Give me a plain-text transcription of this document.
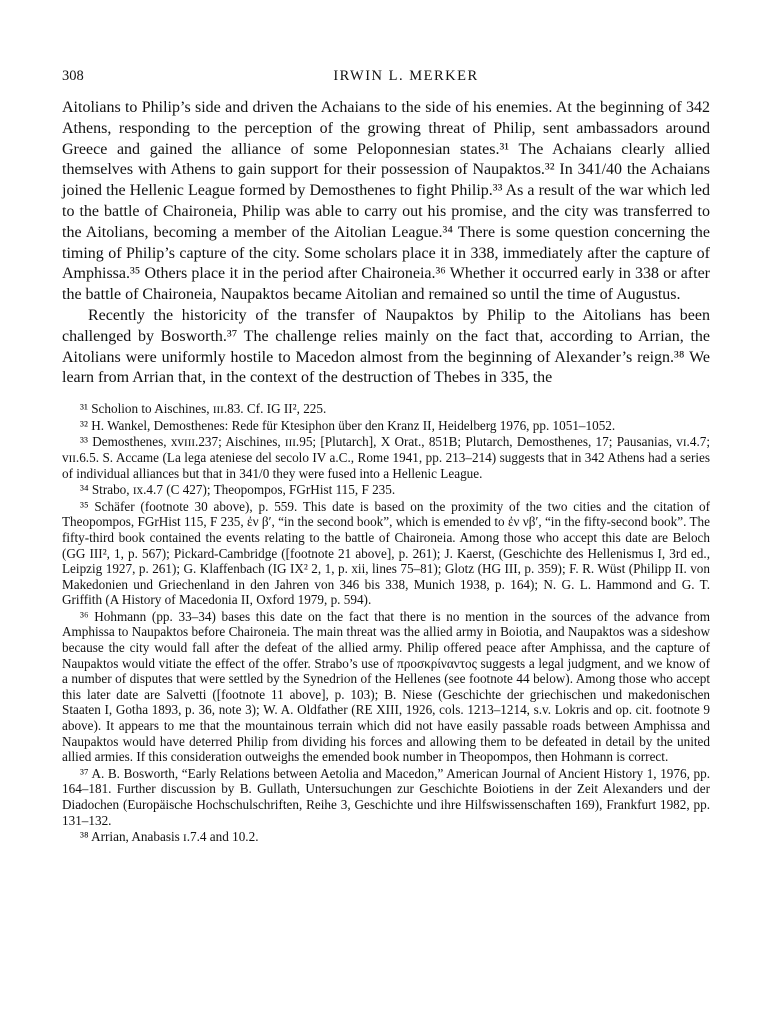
308	IRWIN L. MERKER

Aitolians to Philip’s side and driven the Achaians to the side of his enemies. At the beginning of 342 Athens, responding to the perception of the growing threat of Philip, sent ambassadors around Greece and gained the alliance of some Peloponnesian states.³¹ The Achaians clearly allied themselves with Athens to gain support for their possession of Naupaktos.³² In 341/40 the Achaians joined the Hellenic League formed by Demosthenes to fight Philip.³³ As a result of the war which led to the battle of Chaironeia, Philip was able to carry out his promise, and the city was transferred to the Aitolians, becoming a member of the Aitolian League.³⁴ There is some question concerning the timing of Philip’s capture of the city. Some scholars place it in 338, immediately after the capture of Amphissa.³⁵ Others place it in the period after Chaironeia.³⁶ Whether it occurred early in 338 or after the battle of Chaironeia, Naupaktos became Aitolian and remained so until the time of Augustus.

Recently the historicity of the transfer of Naupaktos by Philip to the Aitolians has been challenged by Bosworth.³⁷ The challenge relies mainly on the fact that, according to Arrian, the Aitolians were uniformly hostile to Macedon almost from the beginning of Alexander’s reign.³⁸ We learn from Arrian that, in the context of the destruction of Thebes in 335, the

³¹ Scholion to Aischines, ɪɪɪ.83. Cf. IG II², 225.

³² H. Wankel, Demosthenes: Rede für Ktesiphon über den Kranz II, Heidelberg 1976, pp. 1051–1052.

³³ Demosthenes, xᴠɪɪɪ.237; Aischines, ɪɪɪ.95; [Plutarch], X Orat., 851B; Plutarch, Demosthenes, 17; Pausanias, ᴠɪ.4.7; ᴠɪɪ.6.5. S. Accame (La lega ateniese del secolo IV a.C., Rome 1941, pp. 213–214) suggests that in 342 Athens had a series of individual alliances but that in 341/0 they were fused into a Hellenic League.

³⁴ Strabo, ɪx.4.7 (C 427); Theopompos, FGrHist 115, F 235.

³⁵ Schäfer (footnote 30 above), p. 559. This date is based on the proximity of the two cities and the citation of Theopompos, FGrHist 115, F 235, ἐν β′, “in the second book”, which is emended to ἐν νβ′, “in the fifty-second book”. The fifty-third book contained the events relating to the battle of Chaironeia. Among those who accept this date are Beloch (GG III², 1, p. 567); Pickard-Cambridge ([footnote 21 above], p. 261); J. Kaerst, (Geschichte des Hellenismus I, 3rd ed., Leipzig 1927, p. 261); G. Klaffenbach (IG IX² 2, 1, p. xii, lines 75–81); Glotz (HG III, p. 359); F. R. Wüst (Philipp II. von Makedonien und Griechenland in den Jahren von 346 bis 338, Munich 1938, p. 164); N. G. L. Hammond and G. T. Griffith (A History of Macedonia II, Oxford 1979, p. 594).

³⁶ Hohmann (pp. 33–34) bases this date on the fact that there is no mention in the sources of the advance from Amphissa to Naupaktos before Chaironeia. The main threat was the allied army in Boiotia, and Naupaktos was a sideshow because the city would fall after the defeat of the allied army. Philip offered peace after Amphissa, and the capture of Naupaktos would vitiate the effect of the offer. Strabo’s use of προσκρίναντος suggests a legal judgment, and we know of a number of disputes that were settled by the Synedrion of the Hellenes (see footnote 44 below). Among those who accept this later date are Salvetti ([footnote 11 above], p. 103); B. Niese (Geschichte der griechischen und makedonischen Staaten I, Gotha 1893, p. 36, note 3); W. A. Oldfather (RE XIII, 1926, cols. 1213–1214, s.v. Lokris and op. cit. footnote 9 above). It appears to me that the mountainous terrain which did not have easily passable roads between Amphissa and Naupaktos would have deterred Philip from dividing his forces and allowing them to be defeated in detail by the united allied armies. If this consideration outweighs the emended book number in Theopompos, then Hohmann is correct.

³⁷ A. B. Bosworth, “Early Relations between Aetolia and Macedon,” American Journal of Ancient History 1, 1976, pp. 164–181. Further discussion by B. Gullath, Untersuchungen zur Geschichte Boiotiens in der Zeit Alexanders und der Diadochen (Europäische Hochschulschriften, Reihe 3, Geschichte und ihre Hilfswissenschaften 169), Frankfurt 1982, pp. 131–132.

³⁸ Arrian, Anabasis ɪ.7.4 and 10.2.
